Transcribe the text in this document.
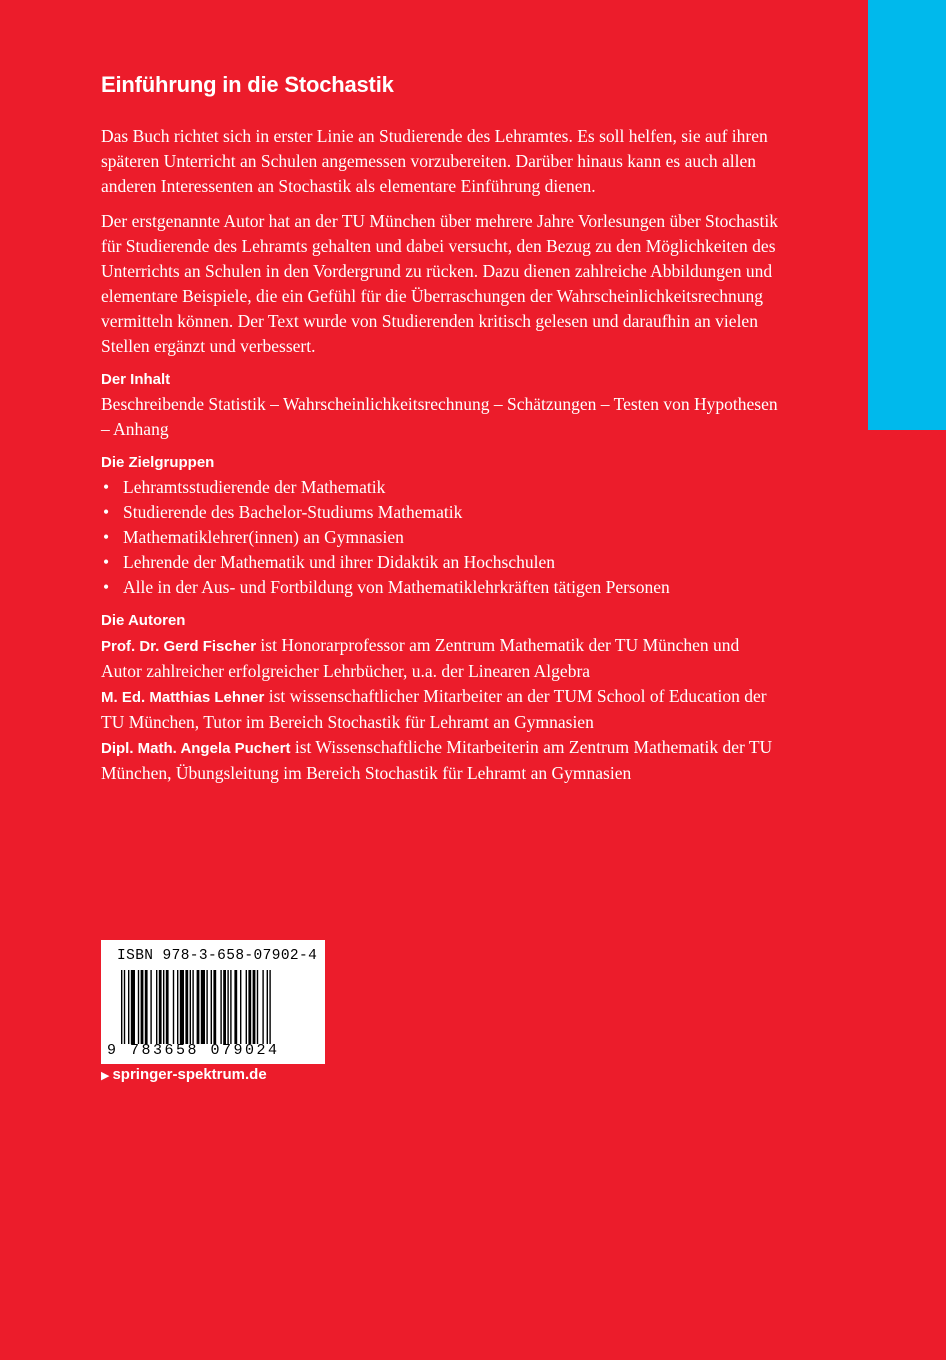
Einführung in die Stochastik

Das Buch richtet sich in erster Linie an Studierende des Lehramtes. Es soll helfen, sie auf ihren späteren Unterricht an Schulen angemessen vorzubereiten. Darüber hinaus kann es auch allen anderen Interessenten an Stochastik als elementare Einführung dienen.

Der erstgenannte Autor hat an der TU München über mehrere Jahre Vorlesungen über Stochastik für Studierende des Lehramts gehalten und dabei versucht, den Bezug zu den Möglichkeiten des Unterrichts an Schulen in den Vordergrund zu rücken. Dazu dienen zahlreiche Abbildungen und elementare Beispiele, die ein Gefühl für die Überraschungen der Wahrscheinlichkeitsrechnung vermitteln können. Der Text wurde von Studierenden kritisch gelesen und daraufhin an vielen Stellen ergänzt und verbessert.

Der Inhalt

Beschreibende Statistik – Wahrscheinlichkeitsrechnung – Schätzungen – Testen von Hypothesen – Anhang

Die Zielgruppen
• Lehramtsstudierende der Mathematik
• Studierende des Bachelor-Studiums Mathematik
• Mathematiklehrer(innen) an Gymnasien
• Lehrende der Mathematik und ihrer Didaktik an Hochschulen
• Alle in der Aus- und Fortbildung von Mathematiklehrkräften tätigen Personen
Die Autoren

Prof. Dr. Gerd Fischer ist Honorarprofessor am Zentrum Mathematik der TU München und Autor zahlreicher erfolgreicher Lehrbücher, u.a. der Linearen Algebra

M. Ed. Matthias Lehner ist wissenschaftlicher Mitarbeiter an der TUM School of Education der TU München, Tutor im Bereich Stochastik für Lehramt an Gymnasien

Dipl. Math. Angela Puchert ist Wissenschaftliche Mitarbeiterin am Zentrum Mathematik der TU München, Übungsleitung im Bereich Stochastik für Lehramt an Gymnasien

ISBN 978-3-658-07902-4
9 783658 079024
▶ springer-spektrum.de
